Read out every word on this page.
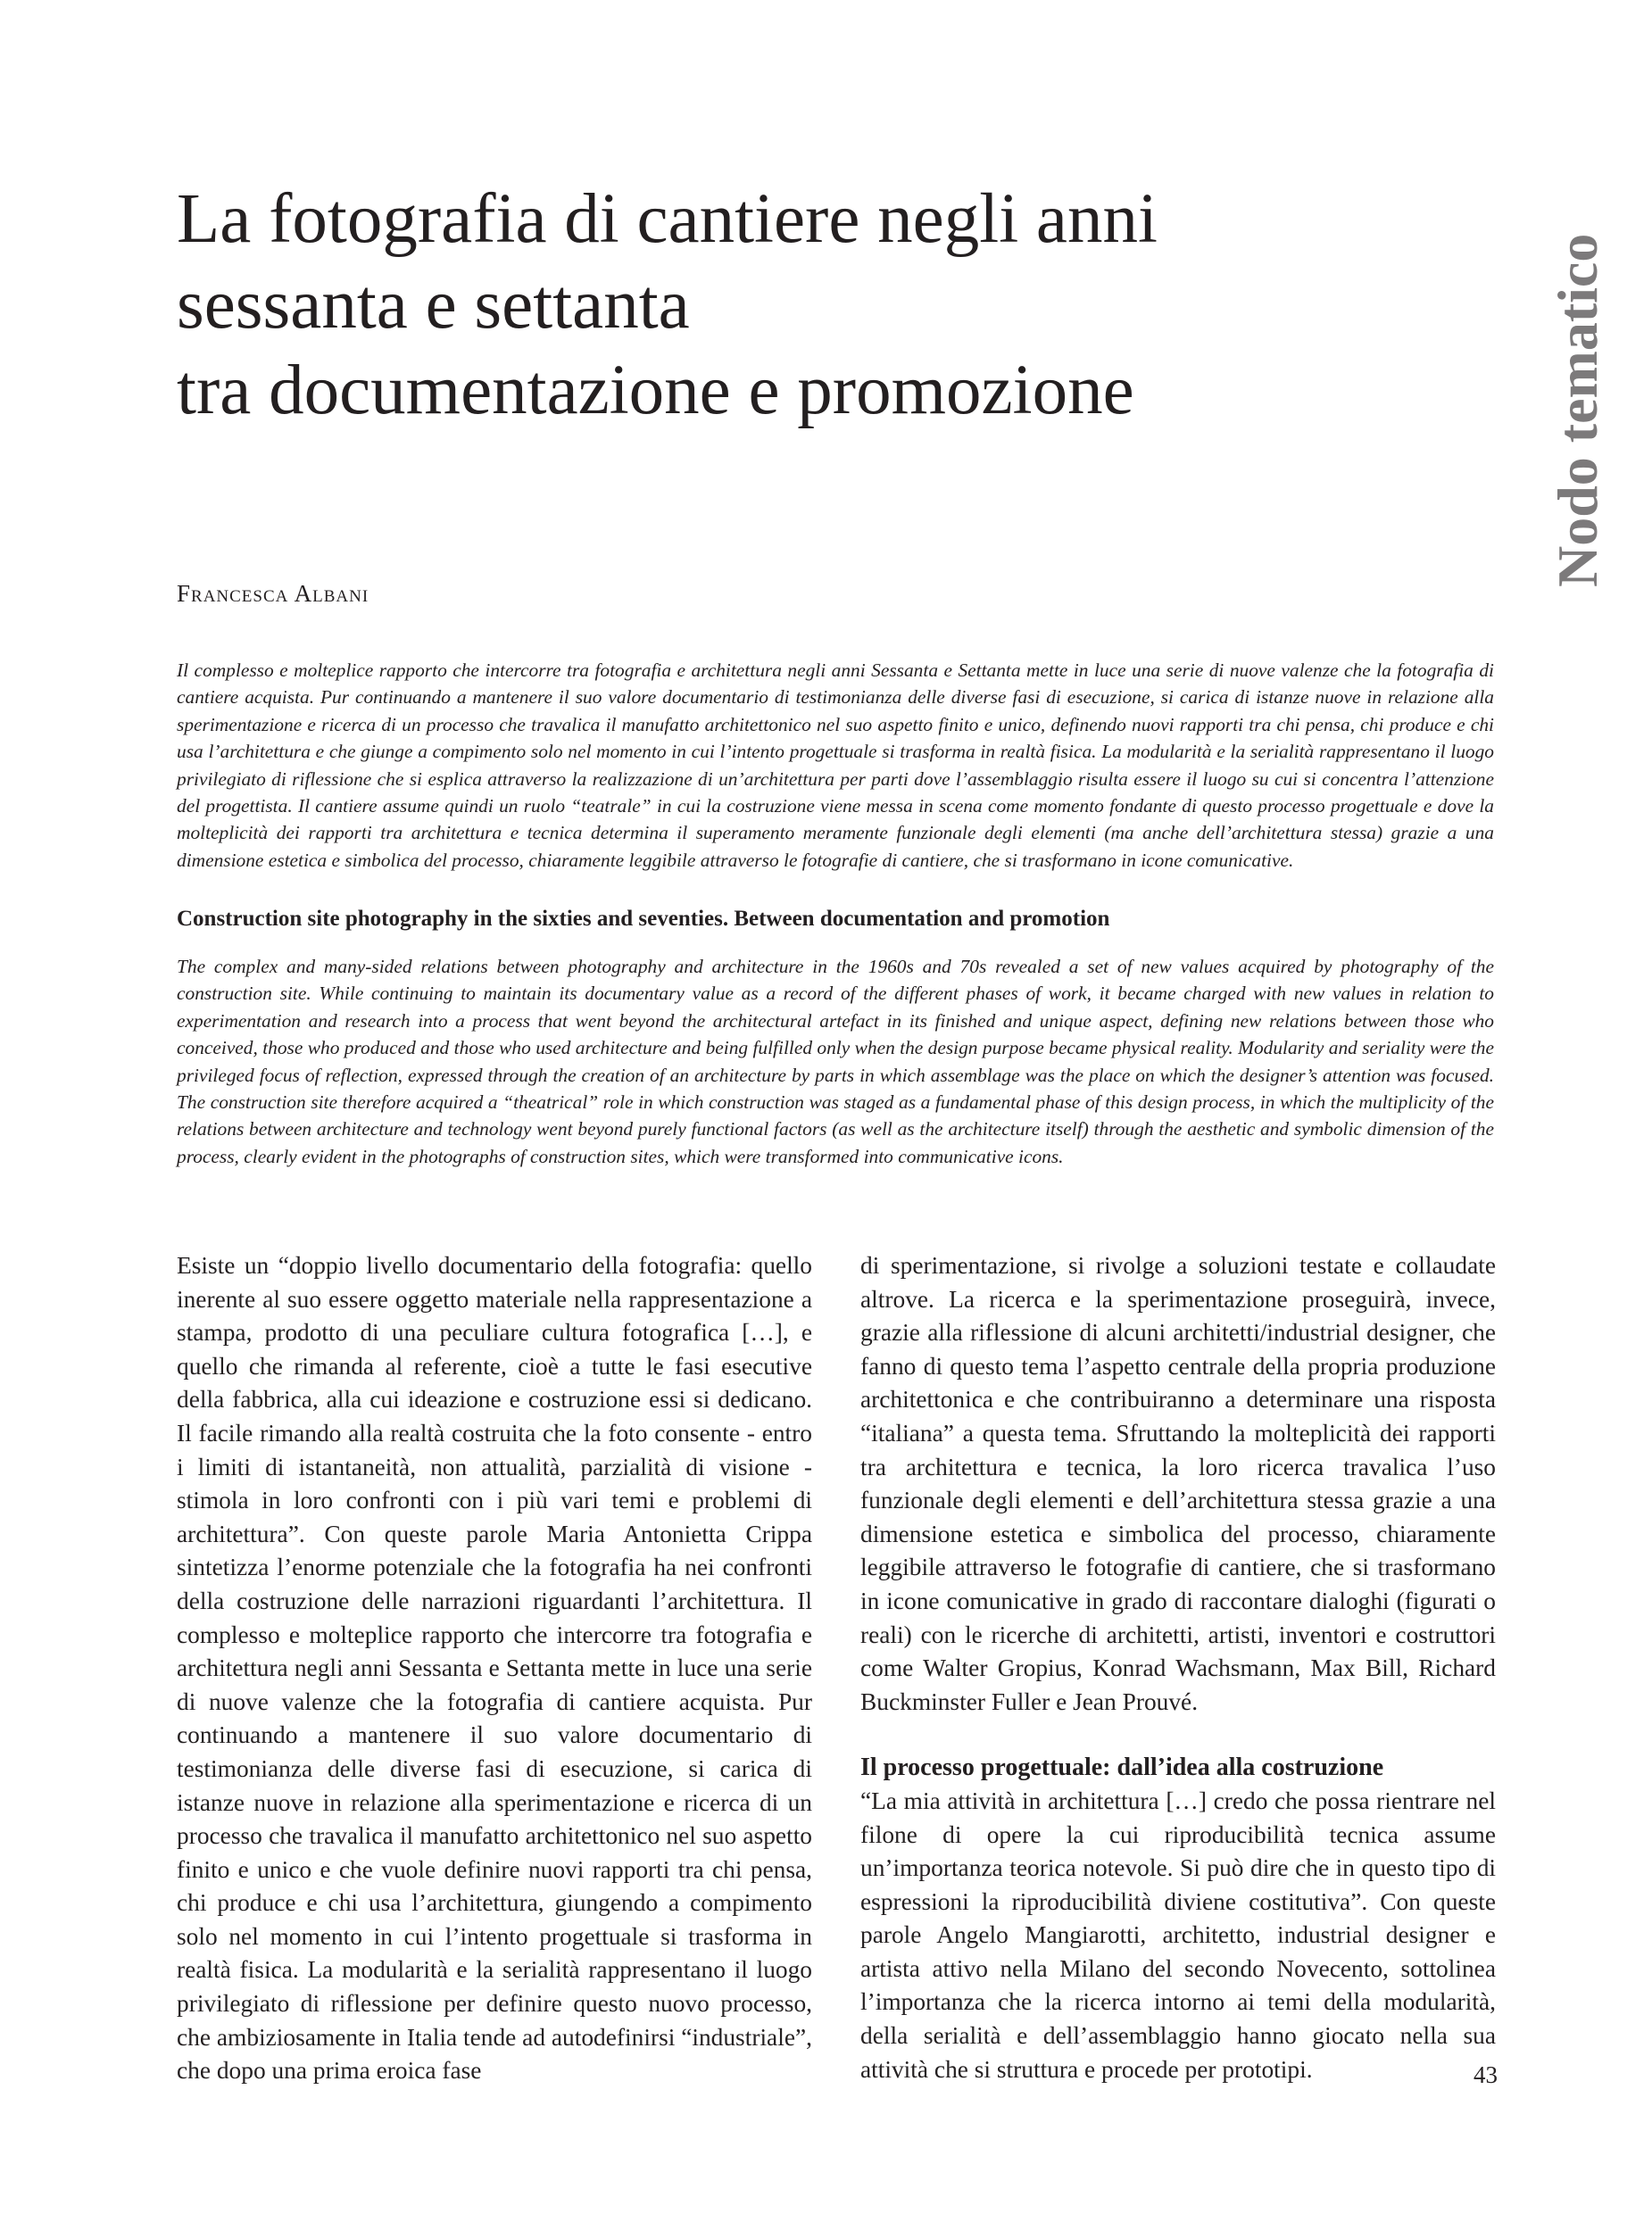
La fotografia di cantiere negli anni
sessanta e settanta
tra documentazione e promozione	Nodo tematico

Francesca Albani

Il complesso e molteplice rapporto che intercorre tra fotografia e architettura negli anni Sessanta e Settanta mette in luce una serie di nuove valenze che la fotografia di cantiere acquista. Pur continuando a mantenere il suo valore documentario di testimonianza delle diverse fasi di esecuzione, si carica di istanze nuove in relazione alla sperimentazione e ricerca di un processo che travalica il manufatto architettonico nel suo aspetto finito e unico, definendo nuovi rapporti tra chi pensa, chi produce e chi usa l’architettura e che giunge a compimento solo nel momento in cui l’intento progettuale si trasforma in realtà fisica. La modularità e la serialità rappresentano il luogo privilegiato di riflessione che si esplica attraverso la realizzazione di un’architettura per parti dove l’assemblaggio risulta essere il luogo su cui si concentra l’attenzione del progettista. Il cantiere assume quindi un ruolo “teatrale” in cui la costruzione viene messa in scena come momento fondante di questo processo progettuale e dove la molteplicità dei rapporti tra architettura e tecnica determina il superamento meramente funzionale degli elementi (ma anche dell’architettura stessa) grazie a una dimensione estetica e simbolica del processo, chiaramente leggibile attraverso le fotografie di cantiere, che si trasformano in icone comunicative.

Construction site photography in the sixties and seventies. Between documentation and promotion

The complex and many-sided relations between photography and architecture in the 1960s and 70s revealed a set of new values acquired by photography of the construction site. While continuing to maintain its documentary value as a record of the different phases of work, it became charged with new values in relation to experimentation and research into a process that went beyond the architectural artefact in its finished and unique aspect, defining new relations between those who conceived, those who produced and those who used architecture and being fulfilled only when the design purpose became physical reality. Modularity and seriality were the privileged focus of reflection, expressed through the creation of an architecture by parts in which assemblage was the place on which the designer’s attention was focused. The construction site therefore acquired a “theatrical” role in which construction was staged as a fundamental phase of this design process, in which the multiplicity of the relations between architecture and technology went beyond purely functional factors (as well as the architecture itself) through the aesthetic and symbolic dimension of the process, clearly evident in the photographs of construction sites, which were transformed into communicative icons.

Esiste un “doppio livello documentario della fotografia: quello inerente al suo essere oggetto materiale nella rappresentazione a stampa, prodotto di una peculiare cultura fotografica […], e quello che rimanda al referente, cioè a tutte le fasi esecutive della fabbrica, alla cui ideazione e costruzione essi si dedicano. Il facile rimando alla realtà costruita che la foto consente - entro i limiti di istantaneità, non attualità, parzialità di visione - stimola in loro confronti con i più vari temi e problemi di architettura”. Con queste parole Maria Antonietta Crippa sintetizza l’enorme potenziale che la fotografia ha nei confronti della costruzione delle narrazioni riguardanti l’architettura. Il complesso e molteplice rapporto che intercorre tra fotografia e architettura negli anni Sessanta e Settanta mette in luce una serie di nuove valenze che la fotografia di cantiere acquista. Pur continuando a mantenere il suo valore documentario di testimonianza delle diverse fasi di esecuzione, si carica di istanze nuove in relazione alla sperimentazione e ricerca di un processo che travalica il manufatto architettonico nel suo aspetto finito e unico e che vuole definire nuovi rapporti tra chi pensa, chi produce e chi usa l’architettura, giungendo a compimento solo nel momento in cui l’intento progettuale si trasforma in realtà fisica. La modularità e la serialità rappresentano il luogo privilegiato di riflessione per definire questo nuovo processo, che ambiziosamente in Italia tende ad autodefinirsi “industriale”, che dopo una prima eroica fase

di sperimentazione, si rivolge a soluzioni testate e collaudate altrove. La ricerca e la sperimentazione proseguirà, invece, grazie alla riflessione di alcuni architetti/industrial designer, che fanno di questo tema l’aspetto centrale della propria produzione architettonica e che contribuiranno a determinare una risposta “italiana” a questa tema. Sfruttando la molteplicità dei rapporti tra architettura e tecnica, la loro ricerca travalica l’uso funzionale degli elementi e dell’architettura stessa grazie a una dimensione estetica e simbolica del processo, chiaramente leggibile attraverso le fotografie di cantiere, che si trasformano in icone comunicative in grado di raccontare dialoghi (figurati o reali) con le ricerche di architetti, artisti, inventori e costruttori come Walter Gropius, Konrad Wachsmann, Max Bill, Richard Buckminster Fuller e Jean Prouvé.

Il processo progettuale: dall’idea alla costruzione

“La mia attività in architettura […] credo che possa rientrare nel filone di opere la cui riproducibilità tecnica assume un’importanza teorica notevole. Si può dire che in questo tipo di espressioni la riproducibilità diviene costitutiva”. Con queste parole Angelo Mangiarotti, architetto, industrial designer e artista attivo nella Milano del secondo Novecento, sottolinea l’importanza che la ricerca intorno ai temi della modularità, della serialità e dell’assemblaggio hanno giocato nella sua attività che si struttura e procede per prototipi.	43
